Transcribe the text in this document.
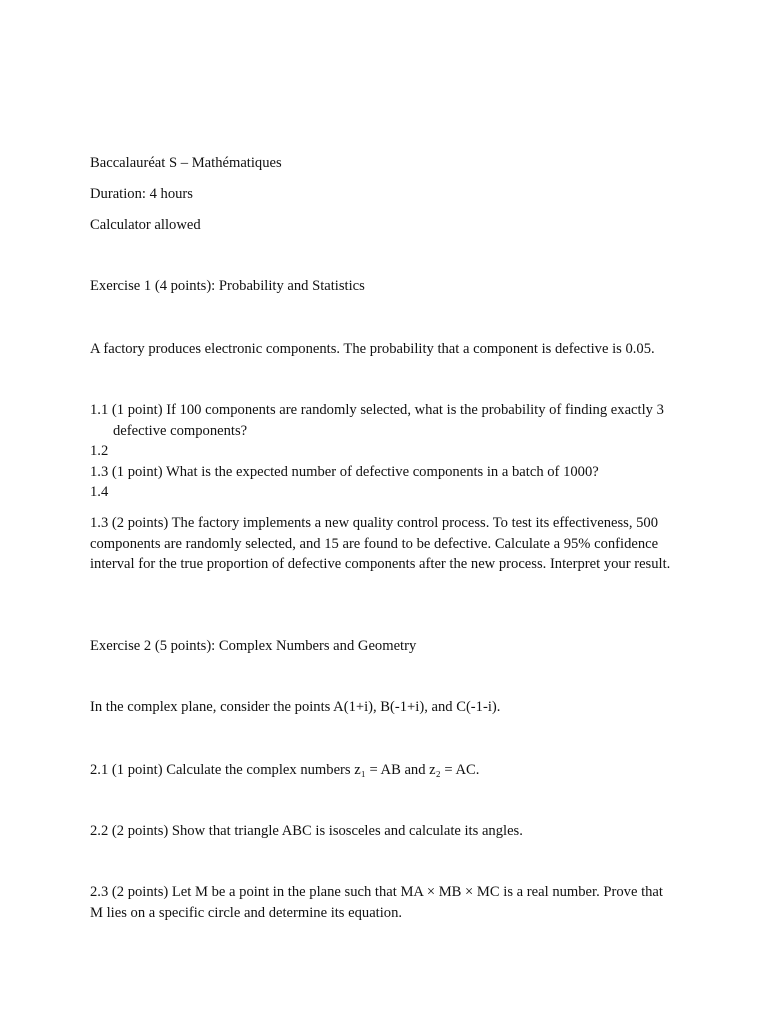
Baccalauréat S – Mathématiques
Duration: 4 hours
Calculator allowed
Exercise 1 (4 points): Probability and Statistics
A factory produces electronic components. The probability that a component is defective is 0.05.
1.1 (1 point) If 100 components are randomly selected, what is the probability of finding exactly 3 defective components?
1.2
1.3 (1 point) What is the expected number of defective components in a batch of 1000?
1.4
1.3 (2 points) The factory implements a new quality control process. To test its effectiveness, 500 components are randomly selected, and 15 are found to be defective. Calculate a 95% confidence interval for the true proportion of defective components after the new process. Interpret your result.
Exercise 2 (5 points): Complex Numbers and Geometry
In the complex plane, consider the points A(1+i), B(-1+i), and C(-1-i).
2.1 (1 point) Calculate the complex numbers z₁ = AB and z₂ = AC.
2.2 (2 points) Show that triangle ABC is isosceles and calculate its angles.
2.3 (2 points) Let M be a point in the plane such that MA × MB × MC is a real number. Prove that M lies on a specific circle and determine its equation.
